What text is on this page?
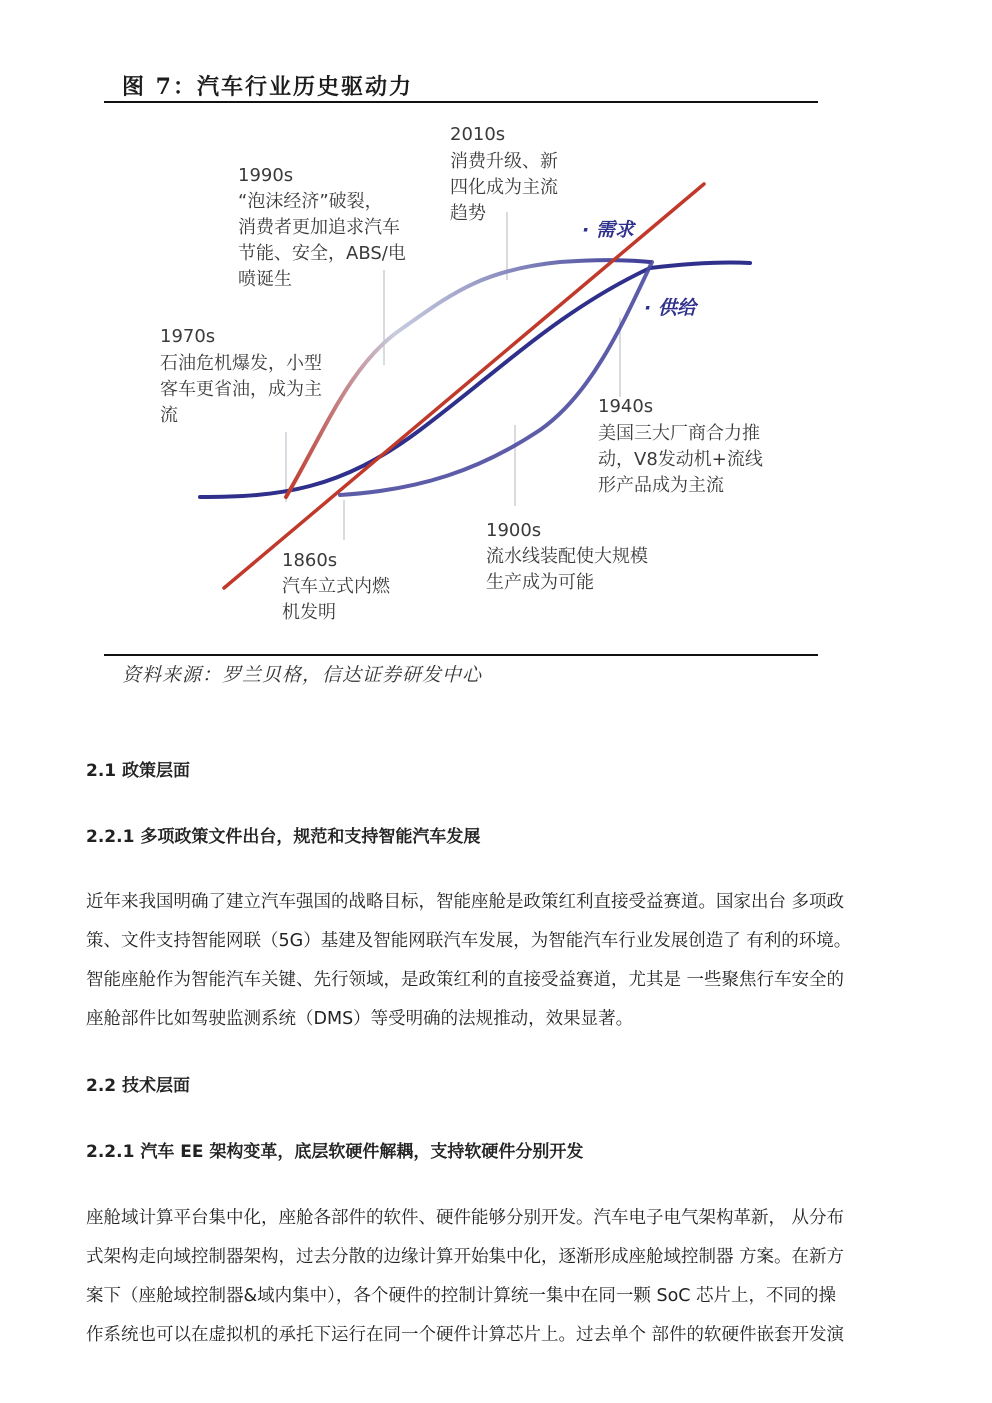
图 7：汽车行业历史驱动力
· 需求
· 供给
1990s
“泡沫经济”破裂，
消费者更加追求汽车
节能、安全，ABS/电
喷诞生
2010s
消费升级、新
四化成为主流
趋势
1970s
石油危机爆发，小型
客车更省油，成为主
流	1940s
美国三大厂商合力推
动，V8发动机+流线
形产品成为主流
1900s
流水线装配使大规模
生产成为可能
1860s
汽车立式内燃
机发明
资料来源：罗兰贝格，信达证券研发中心
2.1 政策层面
2.2.1 多项政策文件出台，规范和支持智能汽车发展
近年来我国明确了建立汽车强国的战略目标，智能座舱是政策红利直接受益赛道。国家出台 多项政
策、文件支持智能网联（5G）基建及智能网联汽车发展，为智能汽车行业发展创造了 有利的环境。
智能座舱作为智能汽车关键、先行领域，是政策红利的直接受益赛道，尤其是 一些聚焦行车安全的
座舱部件比如驾驶监测系统（DMS）等受明确的法规推动，效果显著。
2.2 技术层面
2.2.1 汽车 EE 架构变革，底层软硬件解耦，支持软硬件分别开发
座舱域计算平台集中化，座舱各部件的软件、硬件能够分别开发。汽车电子电气架构革新， 从分布
式架构走向域控制器架构，过去分散的边缘计算开始集中化，逐渐形成座舱域控制器 方案。在新方
案下（座舱域控制器&域内集中），各个硬件的控制计算统一集中在同一颗 SoC 芯片上，不同的操
作系统也可以在虚拟机的承托下运行在同一个硬件计算芯片上。过去单个 部件的软硬件嵌套开发演
